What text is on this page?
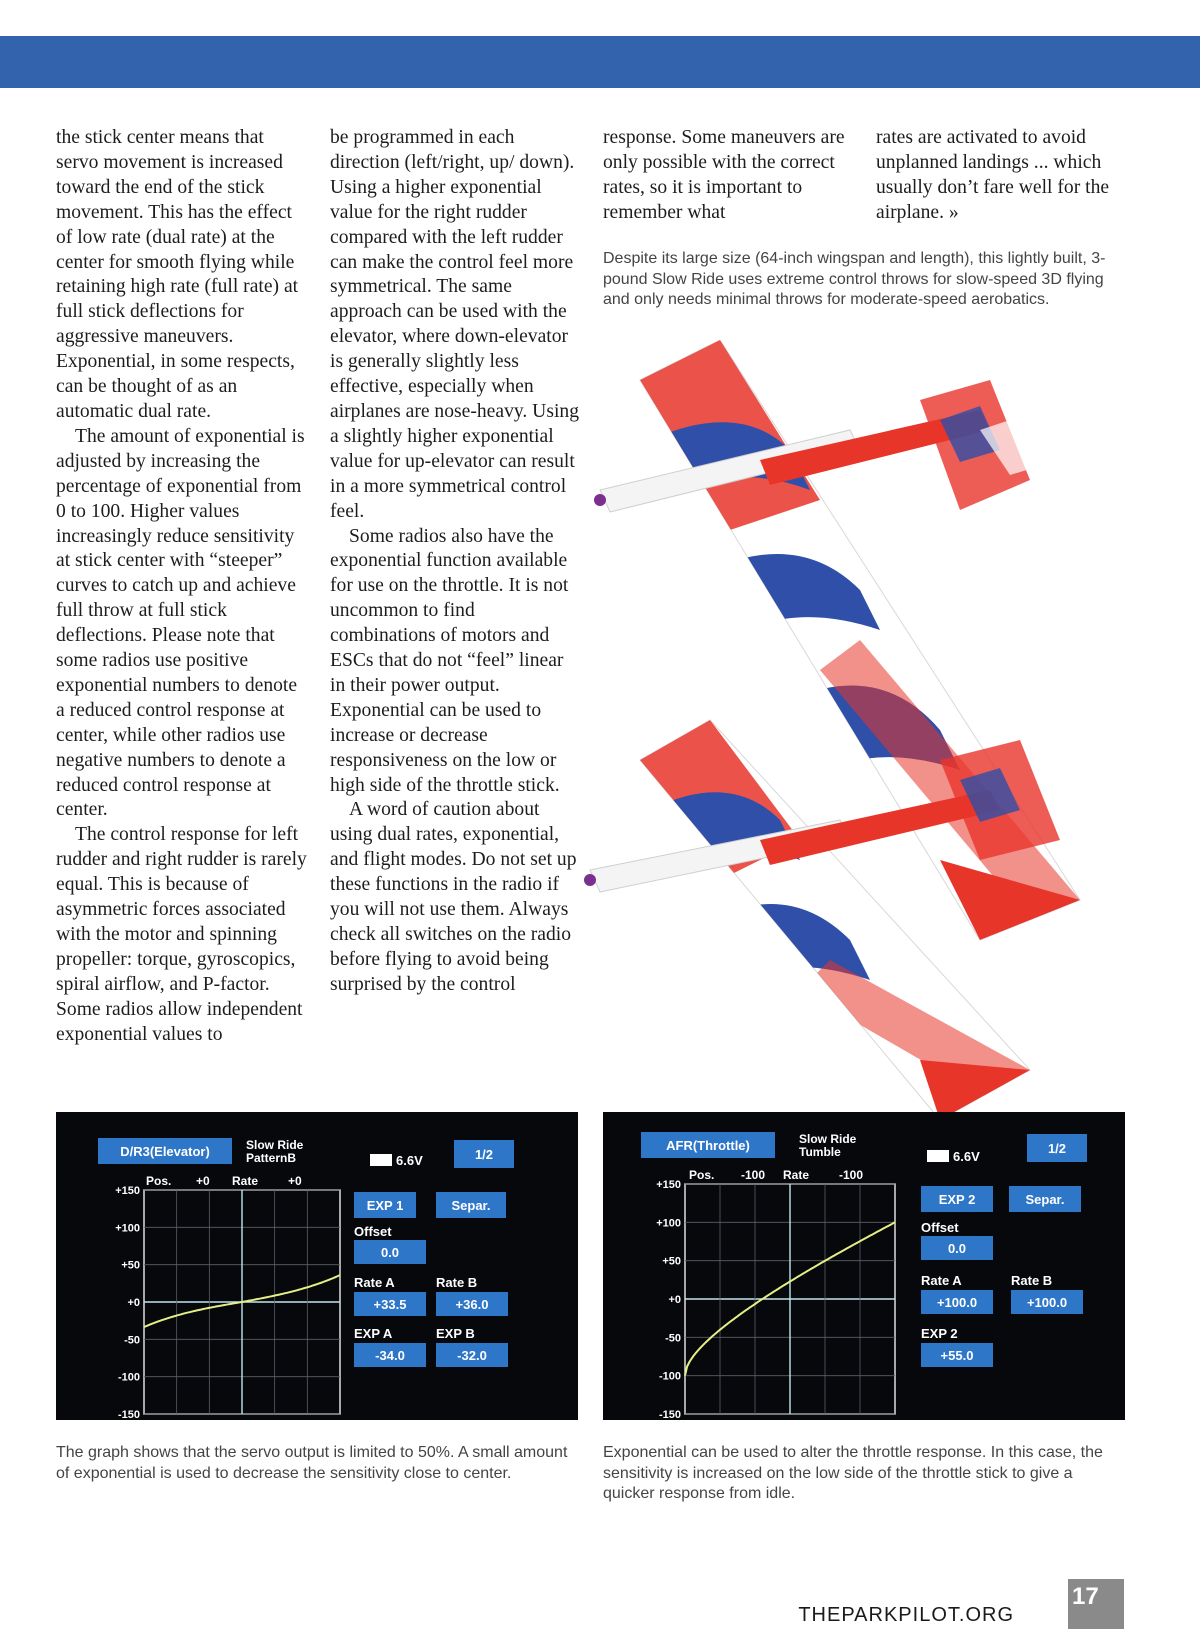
the stick center means that servo movement is increased toward the end of the stick movement. This has the effect of low rate (dual rate) at the center for smooth flying while retaining high rate (full rate) at full stick deflections for aggressive maneuvers. Exponential, in some respects, can be thought of as an automatic dual rate.

The amount of exponential is adjusted by increasing the percentage of exponential from 0 to 100. Higher values increasingly reduce sensitivity at stick center with “steeper” curves to catch up and achieve full throw at full stick deflections. Please note that some radios use positive exponential numbers to denote a reduced control response at center, while other radios use negative numbers to denote a reduced control response at center.

The control response for left rudder and right rudder is rarely equal. This is because of asymmetric forces associated with the motor and spinning propeller: torque, gyroscopics, spiral airflow, and P-factor. Some radios allow independent exponential values to

be programmed in each direction (left/right, up/ down). Using a higher exponential value for the right rudder compared with the left rudder can make the control feel more symmetrical. The same approach can be used with the elevator, where down-elevator is generally slightly less effective, especially when airplanes are nose-heavy. Using a slightly higher exponential value for up-elevator can result in a more symmetrical control feel.

Some radios also have the exponential function available for use on the throttle. It is not uncommon to find combinations of motors and ESCs that do not “feel” linear in their power output. Exponential can be used to increase or decrease responsiveness on the low or high side of the throttle stick.

A word of caution about using dual rates, exponential, and flight modes. Do not set up these functions in the radio if you will not use them. Always check all switches on the radio before flying to avoid being surprised by the control

response. Some maneuvers are only possible with the correct rates, so it is important to remember what

rates are activated to avoid unplanned landings ... which usually don’t fare well for the airplane. »

Despite its large size (64-inch wingspan and length), this lightly built, 3-pound Slow Ride uses extreme control throws for slow-speed 3D flying and only needs minimal throws for moderate-speed aerobatics.
D/R3(Elevator)	Slow Ride
PatternB	6.6V	1/2
Pos. +0 Rate +0
+150
+100
+50
+0
-50
-100
-150
EXP 1	Separ.
Offset
0.0
Rate A
+33.5
Rate B
+36.0
EXP A
-34.0
EXP B
-32.0
AFR(Throttle)	Slow Ride
Tumble	6.6V
1/2
Pos. -100 Rate -100
+150
+100
+50
+0
-50
-100
-150
EXP 2	Separ.
Offset
0.0
Rate A
+100.0
Rate B
+100.0
EXP 2
+55.0
The graph shows that the servo output is limited to 50%. A small amount of exponential is used to decrease the sensitivity close to center.
Exponential can be used to alter the throttle response. In this case, the sensitivity is increased on the low side of the throttle stick to give a quicker response from idle.
THEPARKPILOT.ORG
17
